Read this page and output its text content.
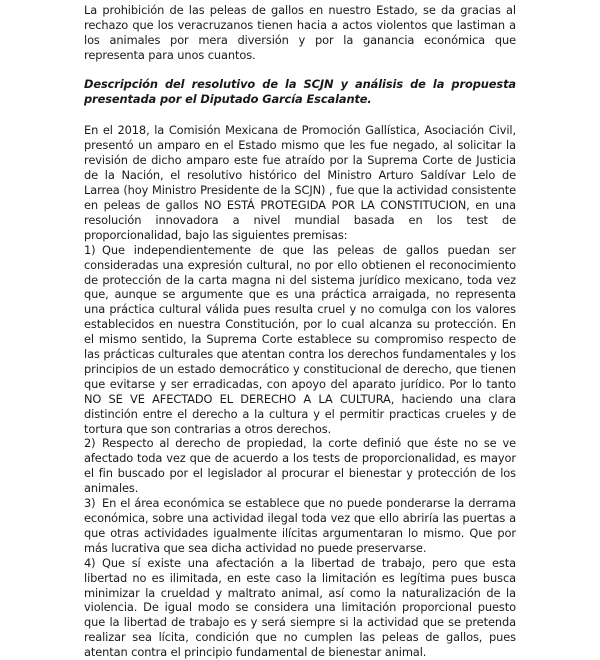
La prohibición de las peleas de gallos en nuestro Estado, se da gracias al rechazo que los veracruzanos tienen hacia a actos violentos que lastiman a los animales por mera diversión y por la ganancia económica que representa para unos cuantos.

Descripción del resolutivo de la SCJN y análisis de la propuesta presentada por el Diputado García Escalante.

En el 2018, la Comisión Mexicana de Promoción Gallística, Asociación Civil, presentó un amparo en el Estado mismo que les fue negado, al solicitar la revisión de dicho amparo este fue atraído por la Suprema Corte de Justicia de la Nación, el resolutivo histórico del Ministro Arturo Saldívar Lelo de Larrea (hoy Ministro Presidente de la SCJN) , fue que la actividad consistente en peleas de gallos NO ESTÁ PROTEGIDA POR LA CONSTITUCION, en una resolución innovadora a nivel mundial basada en los test de proporcionalidad, bajo las siguientes premisas:

1) Que independientemente de que las peleas de gallos puedan ser consideradas una expresión cultural, no por ello obtienen el reconocimiento de protección de la carta magna ni del sistema jurídico mexicano, toda vez que, aunque se argumente que es una práctica arraigada, no representa una práctica cultural válida pues resulta cruel y no comulga con los valores establecidos en nuestra Constitución, por lo cual alcanza su protección. En el mismo sentido, la Suprema Corte establece su compromiso respecto de las prácticas culturales que atentan contra los derechos fundamentales y los principios de un estado democrático y constitucional de derecho, que tienen que evitarse y ser erradicadas, con apoyo del aparato jurídico. Por lo tanto NO SE VE AFECTADO EL DERECHO A LA CULTURA, haciendo una clara distinción entre el derecho a la cultura y el permitir practicas crueles y de tortura que son contrarias a otros derechos.

2) Respecto al derecho de propiedad, la corte definió que éste no se ve afectado toda vez que de acuerdo a los tests de proporcionalidad, es mayor el fin buscado por el legislador al procurar el bienestar y protección de los animales.

3) En el área económica se establece que no puede ponderarse la derrama económica, sobre una actividad ilegal toda vez que ello abriría las puertas a que otras actividades igualmente ilícitas argumentaran lo mismo. Que por más lucrativa que sea dicha actividad no puede preservarse.

4) Que sí existe una afectación a la libertad de trabajo, pero que esta libertad no es ilimitada, en este caso la limitación es legítima pues busca minimizar la crueldad y maltrato animal, así como la naturalización de la violencia. De igual modo se considera una limitación proporcional puesto que la libertad de trabajo es y será siempre si la actividad que se pretenda realizar sea lícita, condición que no cumplen las peleas de gallos, pues atentan contra el principio fundamental de bienestar animal.
